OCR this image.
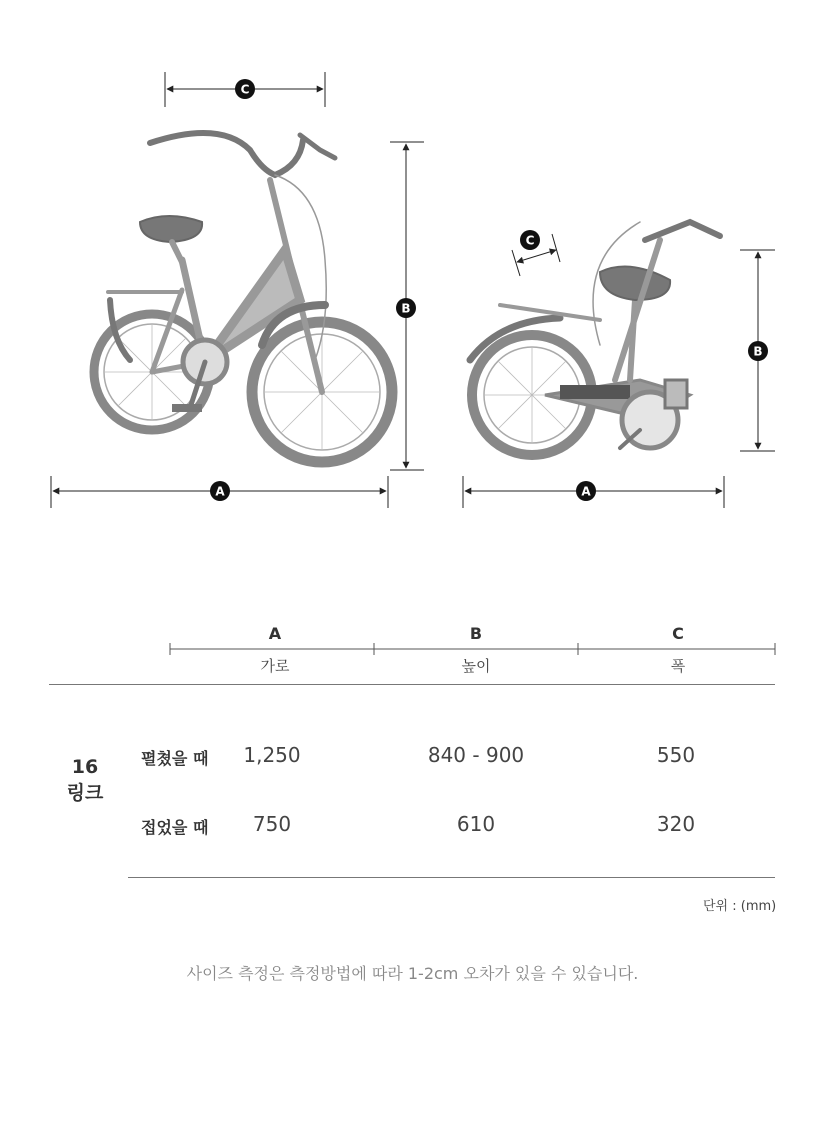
C
B
A
C
B
A
A	B	C
가로	높이	폭
16
링크
펼쳤을 때	1,250	840 - 900	550
접었을 때	750	610	320
단위 : (mm)
사이즈 측정은 측정방법에 따라 1-2cm 오차가 있을 수 있습니다.
